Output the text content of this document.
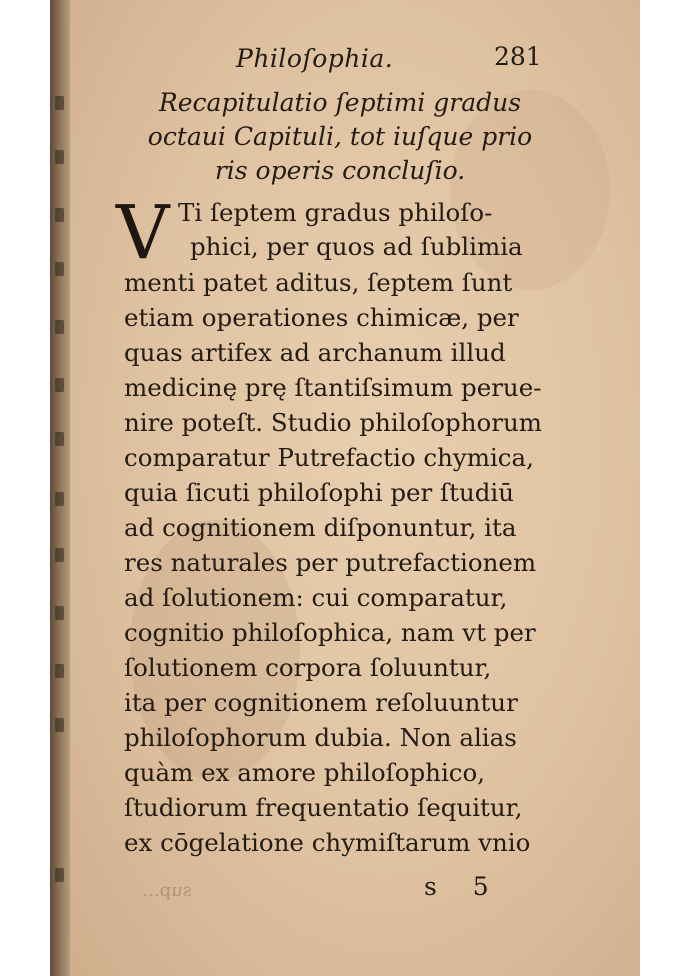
Philoſophia.	281
Recapitulatio ſeptimi gradus
octaui Capituli, tot iuſque prio
ris operis concluſio.
V Ti ſeptem gradus philoſo-
phici, per quos ad ſublimia
menti patet aditus, ſeptem ſunt
etiam operationes chimicæ, per
quas artifex ad archanum illud
medicinę prę ſtantiſsimum perue-
nire poteſt. Studio philoſophorum
comparatur Putrefactio chymica,
quia ſicuti philoſophi per ſtudiū
ad cognitionem diſponuntur, ita
res naturales per putrefactionem
ad ſolutionem: cui comparatur,
cognitio philoſophica, nam vt per
ſolutionem corpora ſoluuntur,
ita per cognitionem reſoluuntur
philoſophorum dubia. Non alias
quàm ex amore philoſophico,
ſtudiorum frequentatio ſequitur,
ex cōgelatione chymiſtarum vnio
s 5
sup...
